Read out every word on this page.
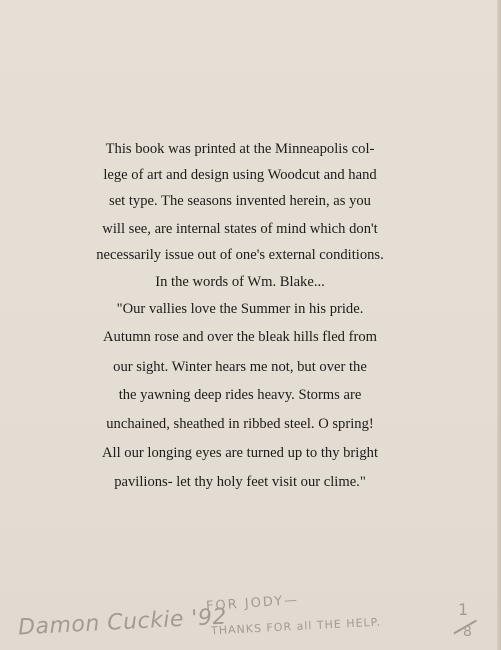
This book was printed at the Minneapolis col-
lege of art and design using Woodcut and hand
set type. The seasons invented herein, as you
will see, are internal states of mind which don't
necessarily issue out of one's external conditions.
In the words of Wm. Blake...
"Our vallies love the Summer in his pride.
Autumn rose and over the bleak hills fled from
our sight. Winter hears me not, but over the
the yawning deep rides heavy. Storms are
unchained, sheathed in ribbed steel. O spring!
All our longing eyes are turned up to thy bright
pavilions- let thy holy feet visit our clime."
Damon Cuckie '92
FOR JODY—
THANKS FOR all THE HELP.
1
8
